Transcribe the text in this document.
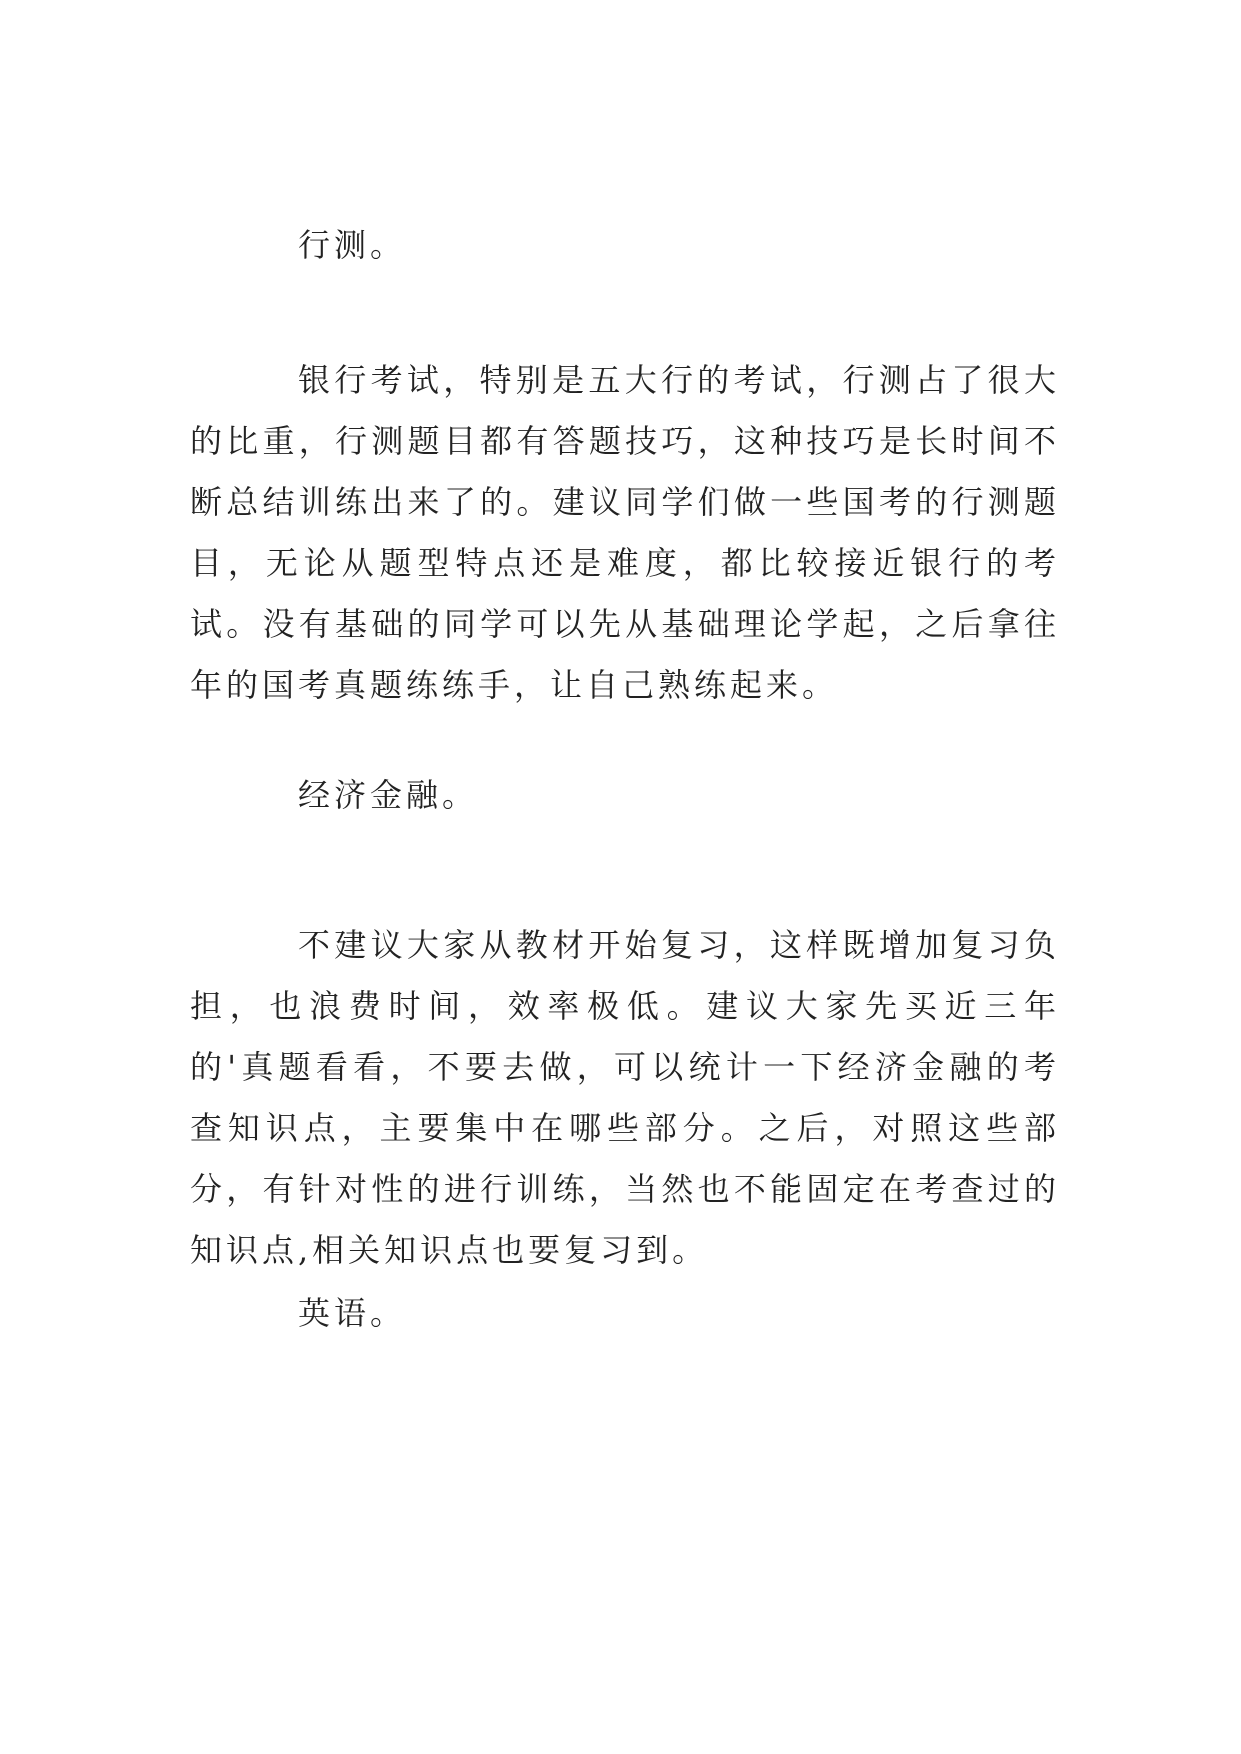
行测。

银行考试，特别是五大行的考试，行测占了很大的比重，行测题目都有答题技巧，这种技巧是长时间不断总结训练出来了的。建议同学们做一些国考的行测题目，无论从题型特点还是难度，都比较接近银行的考试。没有基础的同学可以先从基础理论学起，之后拿往年的国考真题练练手，让自己熟练起来。

经济金融。

不建议大家从教材开始复习，这样既增加复习负担，也浪费时间，效率极低。建议大家先买近三年的'真题看看，不要去做，可以统计一下经济金融的考查知识点，主要集中在哪些部分。之后，对照这些部分，有针对性的进行训练，当然也不能固定在考查过的知识点,相关知识点也要复习到。

英语。
